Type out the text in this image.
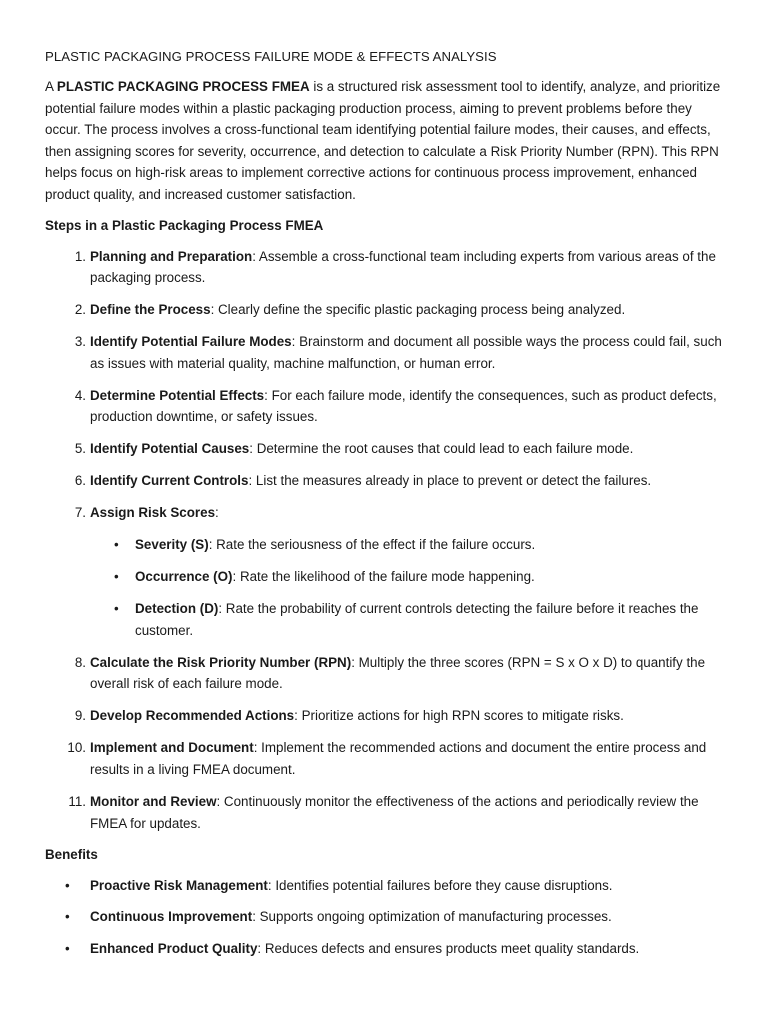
PLASTIC PACKAGING PROCESS FAILURE MODE & EFFECTS ANALYSIS

A PLASTIC PACKAGING PROCESS FMEA is a structured risk assessment tool to identify, analyze, and prioritize potential failure modes within a plastic packaging production process, aiming to prevent problems before they occur. The process involves a cross-functional team identifying potential failure modes, their causes, and effects, then assigning scores for severity, occurrence, and detection to calculate a Risk Priority Number (RPN). This RPN helps focus on high-risk areas to implement corrective actions for continuous process improvement, enhanced product quality, and increased customer satisfaction.

Steps in a Plastic Packaging Process FMEA
1. Planning and Preparation: Assemble a cross-functional team including experts from various areas of the packaging process.
2. Define the Process: Clearly define the specific plastic packaging process being analyzed.
3. Identify Potential Failure Modes: Brainstorm and document all possible ways the process could fail, such as issues with material quality, machine malfunction, or human error.
4. Determine Potential Effects: For each failure mode, identify the consequences, such as product defects, production downtime, or safety issues.
5. Identify Potential Causes: Determine the root causes that could lead to each failure mode.
6. Identify Current Controls: List the measures already in place to prevent or detect the failures.
7. Assign Risk Scores:
• Severity (S): Rate the seriousness of the effect if the failure occurs.
• Occurrence (O): Rate the likelihood of the failure mode happening.
• Detection (D): Rate the probability of current controls detecting the failure before it reaches the customer.
8. Calculate the Risk Priority Number (RPN): Multiply the three scores (RPN = S x O x D) to quantify the overall risk of each failure mode.
9. Develop Recommended Actions: Prioritize actions for high RPN scores to mitigate risks.
10. Implement and Document: Implement the recommended actions and document the entire process and results in a living FMEA document.
11. Monitor and Review: Continuously monitor the effectiveness of the actions and periodically review the FMEA for updates.
Benefits
• Proactive Risk Management: Identifies potential failures before they cause disruptions.
• Continuous Improvement: Supports ongoing optimization of manufacturing processes.
• Enhanced Product Quality: Reduces defects and ensures products meet quality standards.
